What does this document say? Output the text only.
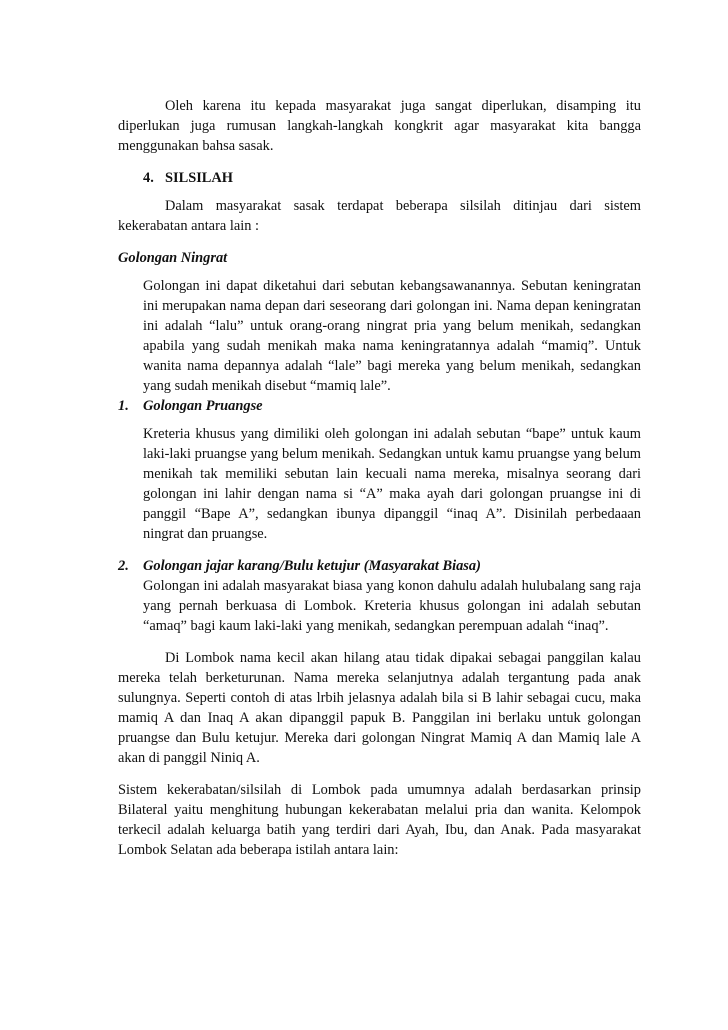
Oleh karena itu kepada masyarakat juga sangat diperlukan, disamping itu diperlukan juga rumusan langkah-langkah kongkrit agar masyarakat kita bangga menggunakan bahsa sasak.

4. SILSILAH

Dalam masyarakat sasak terdapat beberapa silsilah ditinjau dari sistem kekerabatan antara lain :

Golongan Ningrat

Golongan ini dapat diketahui dari sebutan kebangsawanannya. Sebutan keningratan ini merupakan nama depan dari seseorang dari golongan ini. Nama depan keningratan ini adalah “lalu” untuk orang-orang ningrat pria yang belum menikah, sedangkan apabila yang sudah menikah maka nama keningratannya adalah “mamiq”. Untuk wanita nama depannya adalah “lale” bagi mereka yang belum menikah, sedangkan yang sudah menikah disebut “mamiq lale”.

1. Golongan Pruangse

Kreteria khusus yang dimiliki oleh golongan ini adalah sebutan “bape” untuk kaum laki-laki pruangse yang belum menikah. Sedangkan untuk kamu pruangse yang belum menikah tak memiliki sebutan lain kecuali nama mereka, misalnya seorang dari golongan ini lahir dengan nama si “A” maka ayah dari golongan pruangse ini di panggil “Bape A”, sedangkan ibunya dipanggil “inaq A”. Disinilah perbedaaan ningrat dan pruangse.

2. Golongan jajar karang/Bulu ketujur (Masyarakat Biasa)

Golongan ini adalah masyarakat biasa yang konon dahulu adalah hulubalang sang raja yang pernah berkuasa di Lombok. Kreteria khusus golongan ini adalah sebutan “amaq” bagi kaum laki-laki yang menikah, sedangkan perempuan adalah “inaq”.

Di Lombok nama kecil akan hilang atau tidak dipakai sebagai panggilan kalau mereka telah berketurunan. Nama mereka selanjutnya adalah tergantung pada anak sulungnya. Seperti contoh di atas lrbih jelasnya adalah bila si B lahir sebagai cucu, maka mamiq A dan Inaq A akan dipanggil papuk B. Panggilan ini berlaku untuk golongan pruangse dan Bulu ketujur. Mereka dari golongan Ningrat Mamiq A dan Mamiq lale A akan di panggil Niniq A.

Sistem kekerabatan/silsilah di Lombok pada umumnya adalah berdasarkan prinsip Bilateral yaitu menghitung hubungan kekerabatan melalui pria dan wanita. Kelompok terkecil adalah keluarga batih yang terdiri dari Ayah, Ibu, dan Anak. Pada masyarakat Lombok Selatan ada beberapa istilah antara lain:
